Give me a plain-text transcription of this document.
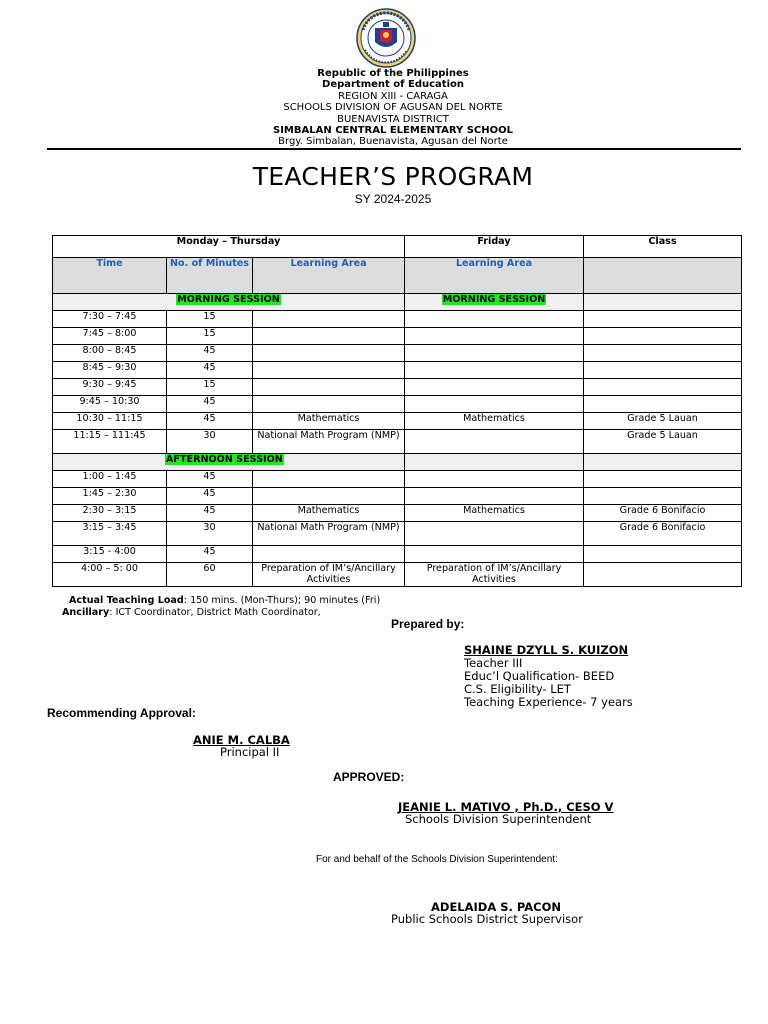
Republic of the Philippines
Department of Education
REGION XIII - CARAGA
SCHOOLS DIVISION OF AGUSAN DEL NORTE
BUENAVISTA DISTRICT
SIMBALAN CENTRAL ELEMENTARY SCHOOL
Brgy. Simbalan, Buenavista, Agusan del Norte
TEACHER’S PROGRAM
SY 2024-2025
Monday – Thursday			Friday	Class
Time	No. of Minutes	Learning Area	Learning Area	
MORNING SESSION			MORNING SESSION	
7:30 – 7:45	15			
7:45 – 8:00	15			
8:00 – 8:45	45			
8:45 – 9:30	45			
9:30 – 9:45	15			
9:45 – 10:30	45			
10:30 – 11:15	45	Mathematics	Mathematics	Grade 5 Lauan
11:15 – 111:45	30	National Math Program (NMP)		Grade 5 Lauan
AFTERNOON SESSION				
1:00 – 1:45	45			
1:45 – 2:30	45			
2:30 – 3:15	45	Mathematics	Mathematics	Grade 6 Bonifacio
3:15 – 3:45	30	National Math Program (NMP)		Grade 6 Bonifacio
3:15 - 4:00	45			
4:00 – 5: 00	60	Preparation of IM’s/Ancillary Activities	Preparation of IM’s/Ancillary Activities	
Actual Teaching Load: 150 mins. (Mon-Thurs); 90 minutes (Fri)
Ancillary: ICT Coordinator, District Math Coordinator,
Prepared by:
SHAINE DZYLL S. KUIZON
Teacher III
Educ’l Qualification- BEED
C.S. Eligibility- LET
Teaching Experience- 7 years
Recommending Approval:
ANIE M. CALBA
Principal II
APPROVED:
JEANIE L. MATIVO , Ph.D., CESO V
Schools Division Superintendent
For and behalf of the Schools Division Superintendent:
ADELAIDA S. PACON
Public Schools District Supervisor
